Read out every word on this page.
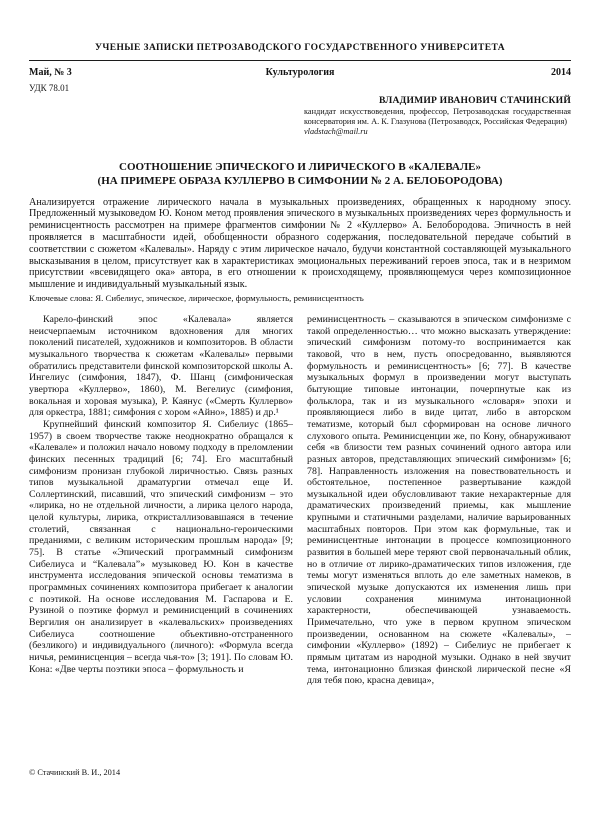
УЧЕНЫЕ ЗАПИСКИ ПЕТРОЗАВОДСКОГО ГОСУДАРСТВЕННОГО УНИВЕРСИТЕТА
Май, № 3	Культурология	2014
УДК 78.01
ВЛАДИМИР ИВАНОВИЧ СТАЧИНСКИЙ
кандидат искусствоведения, профессор, Петрозаводская государственная консерватория им. А. К. Глазунова (Петрозаводск, Российская Федерация)
vladstach@mail.ru
СООТНОШЕНИЕ ЭПИЧЕСКОГО И ЛИРИЧЕСКОГО В «КАЛЕВАЛЕ»
(НА ПРИМЕРЕ ОБРАЗА КУЛЛЕРВО В СИМФОНИИ № 2 А. БЕЛОБОРОДОВА)
Анализируется отражение лирического начала в музыкальных произведениях, обращенных к народному эпосу. Предложенный музыковедом Ю. Коном метод проявления эпического в музыкальных произведениях через формульность и реминисцентность рассмотрен на примере фрагментов симфонии № 2 «Куллерво» А. Белобородова. Эпичность в ней проявляется в масштабности идей, обобщенности образного содержания, последовательной передаче событий в соответствии с сюжетом «Калевалы». Наряду с этим лирическое начало, будучи константной составляющей музыкального высказывания в целом, присутствует как в характеристиках эмоциональных переживаний героев эпоса, так и в незримом присутствии «всевидящего ока» автора, в его отношении к происходящему, проявляющемуся через композиционное мышление и индивидуальный музыкальный язык.
Ключевые слова: Я. Сибелиус, эпическое, лирическое, формульность, реминисцентность

Карело-финский эпос «Калевала» является неисчерпаемым источником вдохновения для многих поколений писателей, художников и композиторов. В области музыкального творчества к сюжетам «Калевалы» первыми обратились представители финской композиторской школы А. Ингелиус (симфония, 1847), Ф. Шанц (симфоническая увертюра «Куллерво», 1860), М. Вегелиус (симфония, вокальная и хоровая музыка), Р. Каянус («Смерть Куллерво» для оркестра, 1881; симфония с хором «Айно», 1885) и др.¹

Крупнейший финский композитор Я. Сибелиус (1865–1957) в своем творчестве также неоднократно обращался к «Калевале» и положил начало новому подходу в преломлении финских песенных традиций [6; 74]. Его масштабный симфонизм пронизан глубокой лиричностью. Связь разных типов музыкальной драматургии отмечал еще И. Соллертинский, писавший, что эпический симфонизм – это «лирика, но не отдельной личности, а лирика целого народа, целой культуры, лирика, откристаллизовавшаяся в течение столетий, связанная с национально-героическими преданиями, с великим историческим прошлым народа» [9; 75]. В статье «Эпический программный симфонизм Сибелиуса и “Калевала”» музыковед Ю. Кон в качестве инструмента исследования эпической основы тематизма в программных сочинениях композитора прибегает к аналогии с поэтикой. На основе исследования М. Гаспарова и Е. Рузиной о поэтике формул и реминисценций в сочинениях Вергилия он анализирует в «калевальских» произведениях Сибелиуса соотношение объективно-отстраненного (безликого) и индивидуального (личного): «Формула всегда ничья, реминисценция – всегда чья-то» [3; 191]. По словам Ю. Кона: «Две черты поэтики эпоса – формульность и

реминисцентность – сказываются в эпическом симфонизме с такой определенностью… что можно высказать утверждение: эпический симфонизм потому-то воспринимается как таковой, что в нем, пусть опосредованно, выявляются формульность и реминисцентность» [6; 77]. В качестве музыкальных формул в произведении могут выступать бытующие типовые интонации, почерпнутые как из фольклора, так и из музыкального «словаря» эпохи и проявляющиеся либо в виде цитат, либо в авторском тематизме, который был сформирован на основе личного слухового опыта. Реминисценции же, по Кону, обнаруживают себя «в близости тем разных сочинений одного автора или разных авторов, представляющих эпический симфонизм» [6; 78]. Направленность изложения на повествовательность и обстоятельное, постепенное развертывание каждой музыкальной идеи обусловливают такие нехарактерные для драматических произведений приемы, как мышление крупными и статичными разделами, наличие варьированных масштабных повторов. При этом как формульные, так и реминисцентные интонации в процессе композиционного развития в большей мере теряют свой первоначальный облик, но в отличие от лирико-драматических типов изложения, где темы могут изменяться вплоть до еле заметных намеков, в эпической музыке допускаются их изменения лишь при условии сохранения минимума интонационной характерности, обеспечивающей узнаваемость. Примечательно, что уже в первом крупном эпическом произведении, основанном на сюжете «Калевалы», – симфонии «Куллерво» (1892) – Сибелиус не прибегает к прямым цитатам из народной музыки. Однако в ней звучит тема, интонационно близкая финской лирической песне «Я для тебя пою, красна девица»,

© Стачинский В. И., 2014
